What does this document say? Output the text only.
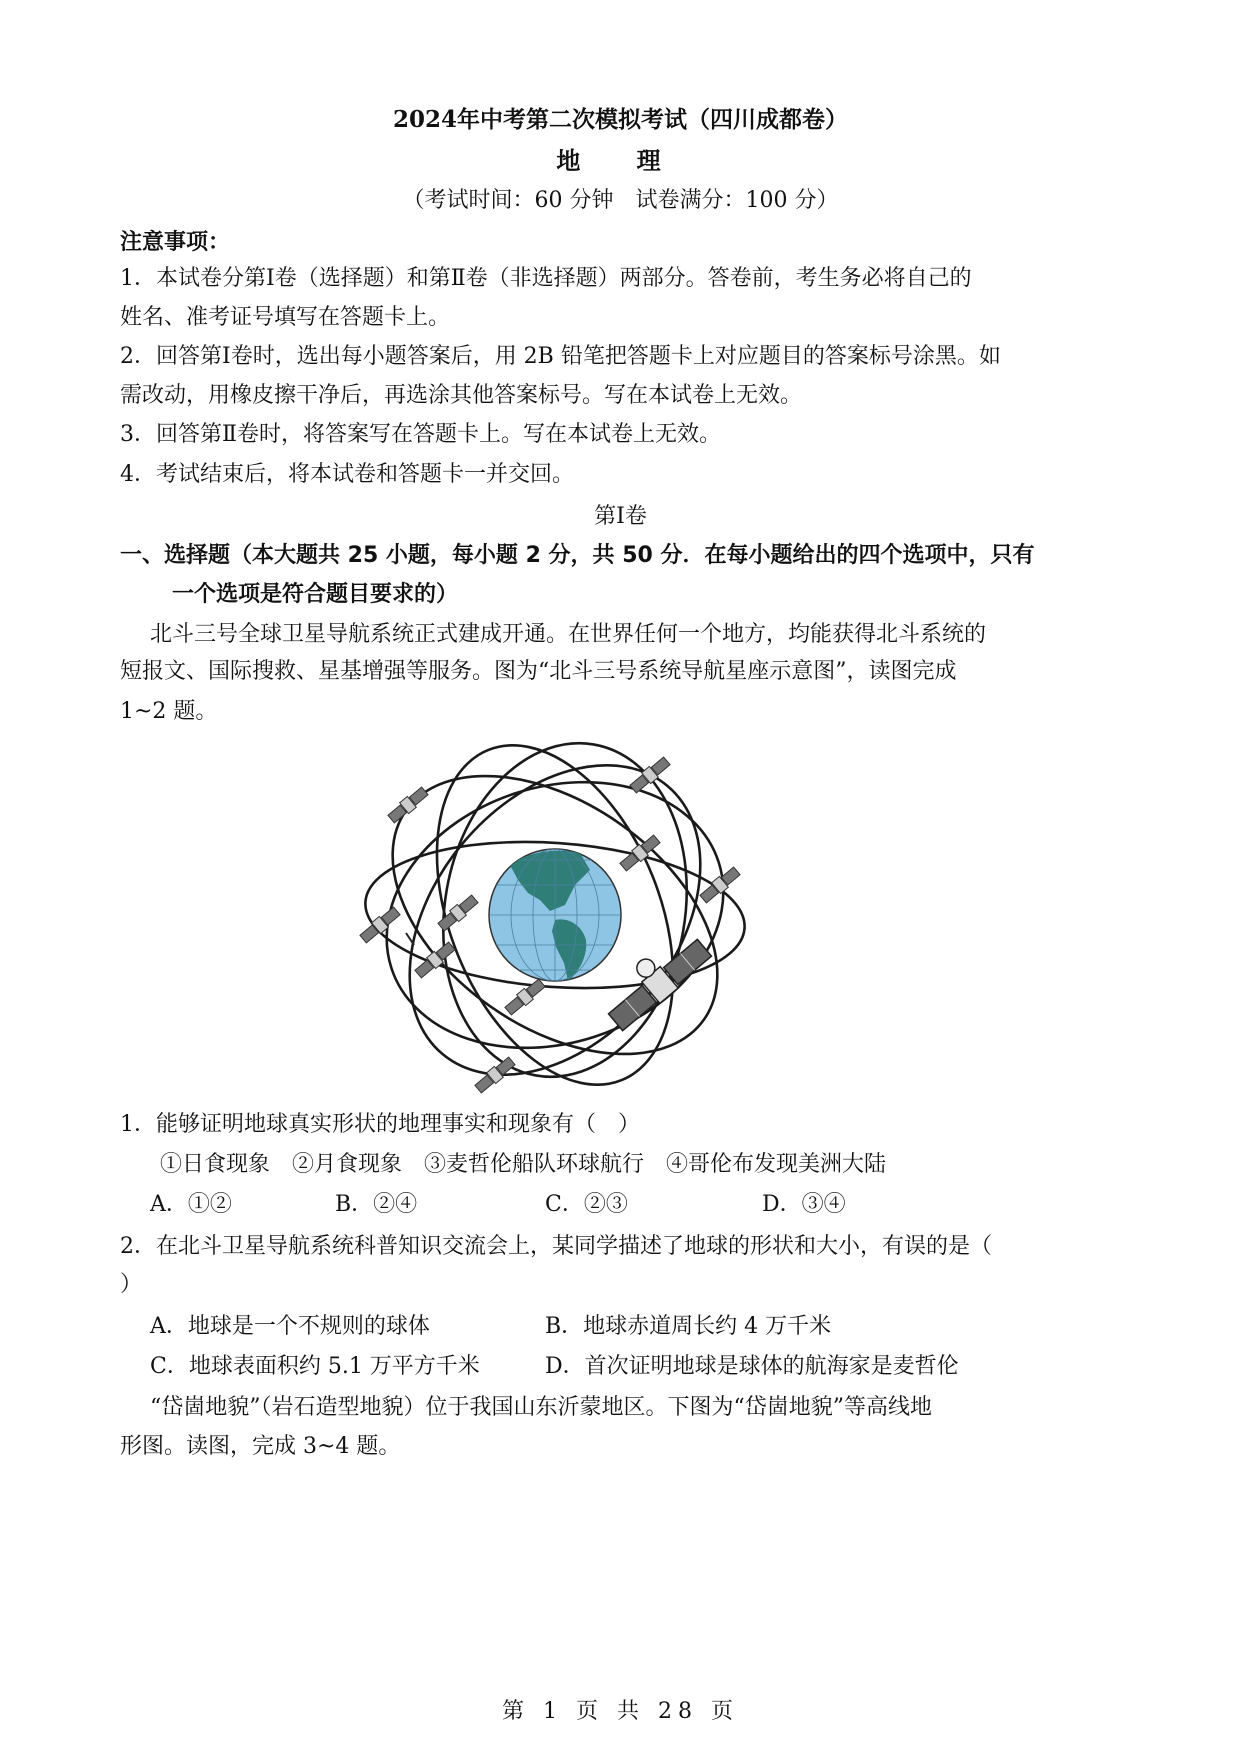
2024年中考第二次模拟考试（四川成都卷）
地 理
（考试时间：60 分钟　试卷满分：100 分）
注意事项：
1．本试卷分第Ⅰ卷（选择题）和第Ⅱ卷（非选择题）两部分。答卷前，考生务必将自己的
姓名、准考证号填写在答题卡上。
2．回答第Ⅰ卷时，选出每小题答案后，用 2B 铅笔把答题卡上对应题目的答案标号涂黑。如
需改动，用橡皮擦干净后，再选涂其他答案标号。写在本试卷上无效。
3．回答第Ⅱ卷时，将答案写在答题卡上。写在本试卷上无效。
4．考试结束后，将本试卷和答题卡一并交回。
第Ⅰ卷
一、选择题（本大题共 25 小题，每小题 2 分，共 50 分．在每小题给出的四个选项中，只有
一个选项是符合题目要求的）
北斗三号全球卫星导航系统正式建成开通。在世界任何一个地方，均能获得北斗系统的
短报文、国际搜救、星基增强等服务。图为“北斗三号系统导航星座示意图”，读图完成
1~2 题。
1．能够证明地球真实形状的地理事实和现象有（　）
①日食现象　②月食现象　③麦哲伦船队环球航行　④哥伦布发现美洲大陆
A．①②	B．②④	C．②③	D．③④
2．在北斗卫星导航系统科普知识交流会上，某同学描述了地球的形状和大小，有误的是（
）
A．地球是一个不规则的球体	B．地球赤道周长约 4 万千米
C．地球表面积约 5.1 万平方千米	D．首次证明地球是球体的航海家是麦哲伦
“岱崮地貌”（岩石造型地貌）位于我国山东沂蒙地区。下图为“岱崮地貌”等高线地
形图。读图，完成 3~4 题。
第 1 页 共 28 页
